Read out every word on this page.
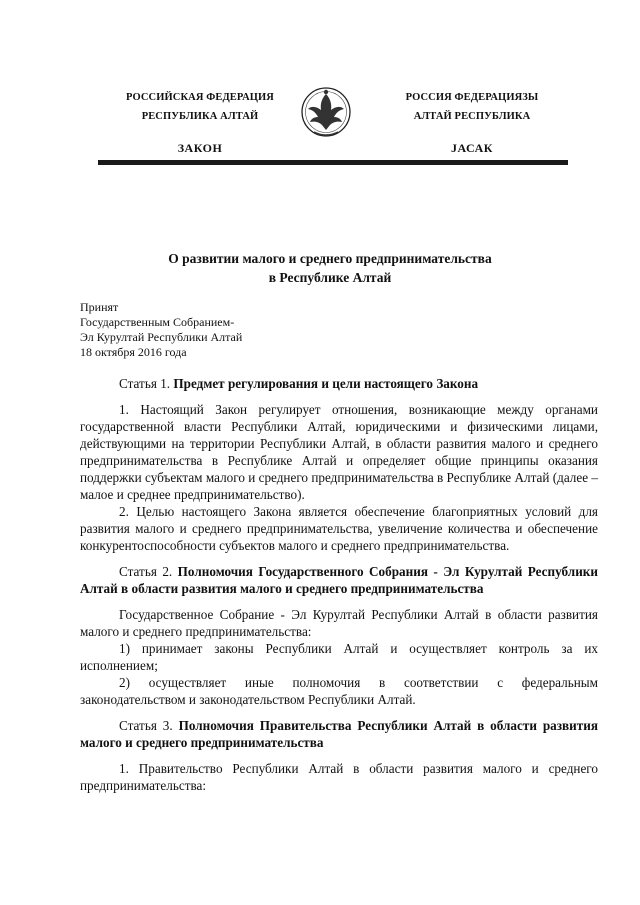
РОССИЙСКАЯ ФЕДЕРАЦИЯ
РЕСПУБЛИКА АЛТАЙ
ЗАКОН
РОССИЯ ФЕДЕРАЦИЯЗЫ
АЛТАЙ РЕСПУБЛИКА
JАСАК
О развитии малого и среднего предпринимательства
в Республике Алтай
Принят
Государственным Собранием-
Эл Курултай Республики Алтай
18 октября 2016 года

Статья 1. Предмет регулирования и цели настоящего Закона

1. Настоящий Закон регулирует отношения, возникающие между органами государственной власти Республики Алтай, юридическими и физическими лицами, действующими на территории Республики Алтай, в области развития малого и среднего предпринимательства в Республике Алтай и определяет общие принципы оказания поддержки субъектам малого и среднего предпринимательства в Республике Алтай (далее – малое и среднее предпринимательство).

2. Целью настоящего Закона является обеспечение благоприятных условий для развития малого и среднего предпринимательства, увеличение количества и обеспечение конкурентоспособности субъектов малого и среднего предпринимательства.

Статья 2. Полномочия Государственного Собрания - Эл Курултай Республики Алтай в области развития малого и среднего предпринимательства

Государственное Собрание - Эл Курултай Республики Алтай в области развития малого и среднего предпринимательства:

1) принимает законы Республики Алтай и осуществляет контроль за их исполнением;

2) осуществляет иные полномочия в соответствии с федеральным законодательством и законодательством Республики Алтай.

Статья 3. Полномочия Правительства Республики Алтай в области развития малого и среднего предпринимательства

1. Правительство Республики Алтай в области развития малого и среднего предпринимательства:
